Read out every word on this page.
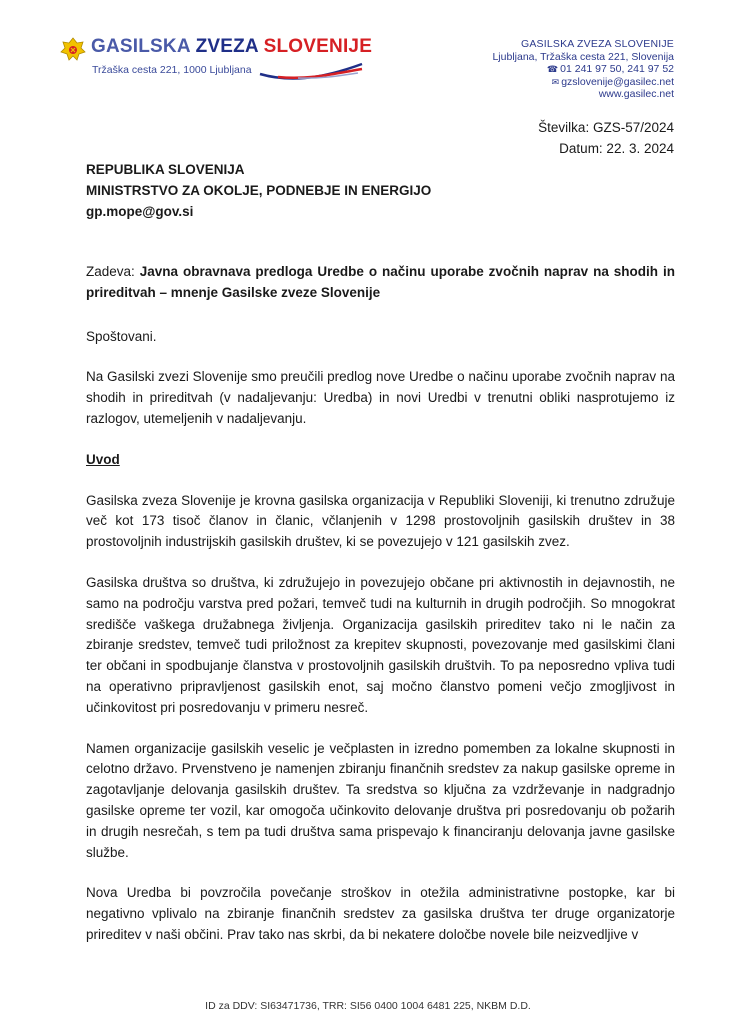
GASILSKA ZVEZA SLOVENIJE
Tržaška cesta 221, 1000 Ljubljana
GASILSKA ZVEZA SLOVENIJE
Ljubljana, Tržaška cesta 221, Slovenija
☎ 01 241 97 50, 241 97 52
✉ gzslovenije@gasilec.net
www.gasilec.net
Številka: GZS-57/2024
Datum: 22. 3. 2024
REPUBLIKA SLOVENIJA
MINISTRSTVO ZA OKOLJE, PODNEBJE IN ENERGIJO
gp.mope@gov.si

Zadeva: Javna obravnava predloga Uredbe o načinu uporabe zvočnih naprav na shodih in prireditvah – mnenje Gasilske zveze Slovenije

Spoštovani.

Na Gasilski zvezi Slovenije smo preučili predlog nove Uredbe o načinu uporabe zvočnih naprav na shodih in prireditvah (v nadaljevanju: Uredba) in novi Uredbi v trenutni obliki nasprotujemo iz razlogov, utemeljenih v nadaljevanju.

Uvod

Gasilska zveza Slovenije je krovna gasilska organizacija v Republiki Sloveniji, ki trenutno združuje več kot 173 tisoč članov in članic, včlanjenih v 1298 prostovoljnih gasilskih društev in 38 prostovoljnih industrijskih gasilskih društev, ki se povezujejo v 121 gasilskih zvez.

Gasilska društva so društva, ki združujejo in povezujejo občane pri aktivnostih in dejavnostih, ne samo na področju varstva pred požari, temveč tudi na kulturnih in drugih področjih. So mnogokrat središče vaškega družabnega življenja. Organizacija gasilskih prireditev tako ni le način za zbiranje sredstev, temveč tudi priložnost za krepitev skupnosti, povezovanje med gasilskimi člani ter občani in spodbujanje članstva v prostovoljnih gasilskih društvih. To pa neposredno vpliva tudi na operativno pripravljenost gasilskih enot, saj močno članstvo pomeni večjo zmogljivost in učinkovitost pri posredovanju v primeru nesreč.

Namen organizacije gasilskih veselic je večplasten in izredno pomemben za lokalne skupnosti in celotno državo. Prvenstveno je namenjen zbiranju finančnih sredstev za nakup gasilske opreme in zagotavljanje delovanja gasilskih društev. Ta sredstva so ključna za vzdrževanje in nadgradnjo gasilske opreme ter vozil, kar omogoča učinkovito delovanje društva pri posredovanju ob požarih in drugih nesrečah, s tem pa tudi društva sama prispevajo k financiranju delovanja javne gasilske službe.

Nova Uredba bi povzročila povečanje stroškov in otežila administrativne postopke, kar bi negativno vplivalo na zbiranje finančnih sredstev za gasilska društva ter druge organizatorje prireditev v naši občini. Prav tako nas skrbi, da bi nekatere določbe novele bile neizvedljive v

ID za DDV: SI63471736, TRR: SI56 0400 1004 6481 225, NKBM D.D.
